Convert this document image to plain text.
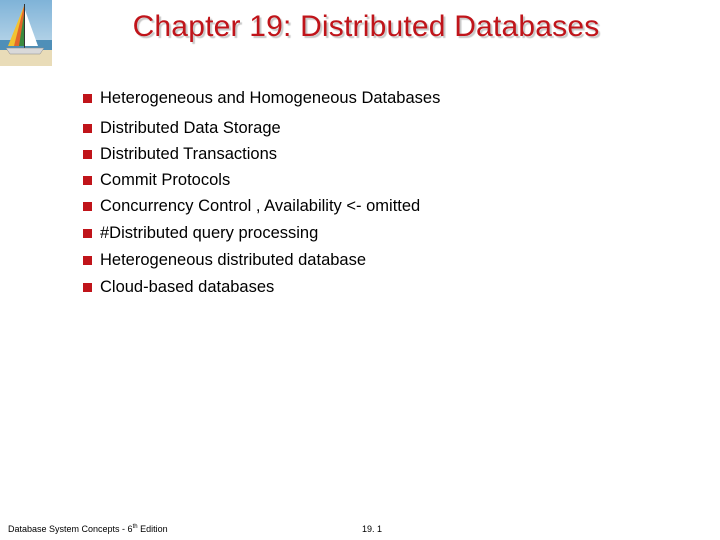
Chapter 19: Distributed Databases
Heterogeneous and Homogeneous Databases
Distributed Data Storage
Distributed Transactions
Commit Protocols
Concurrency Control , Availability <- omitted
#Distributed query processing
Heterogeneous distributed database
Cloud-based databases
Database System Concepts - 6th Edition	19. 1
